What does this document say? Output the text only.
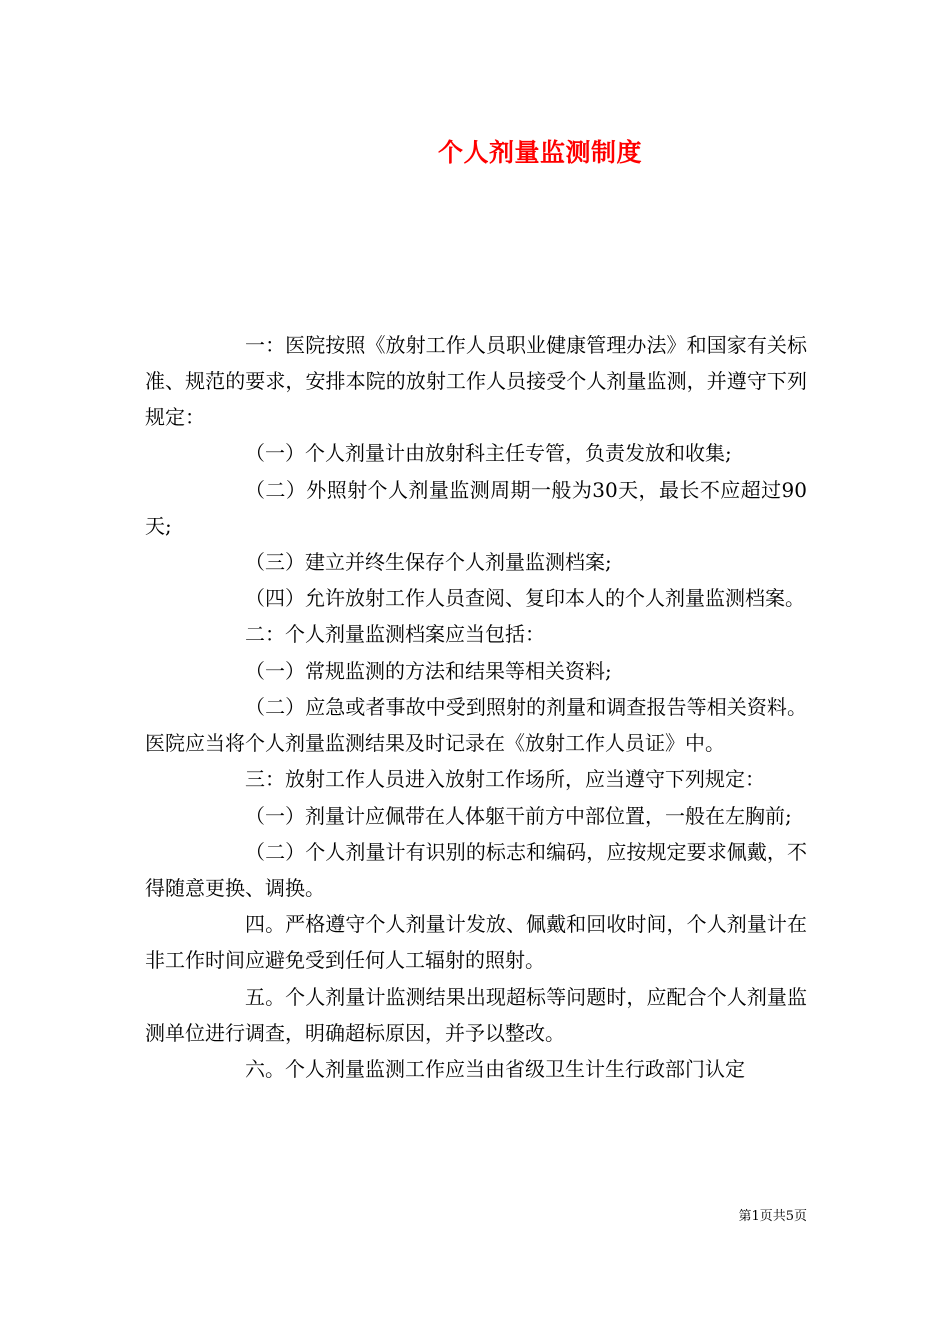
个人剂量监测制度

一：医院按照《放射工作人员职业健康管理办法》和国家有关标准、规范的要求，安排本院的放射工作人员接受个人剂量监测，并遵守下列规定：

（一）个人剂量计由放射科主任专管，负责发放和收集;

（二）外照射个人剂量监测周期一般为30天，最长不应超过90天;

（三）建立并终生保存个人剂量监测档案;

（四）允许放射工作人员查阅、复印本人的个人剂量监测档案。

二：个人剂量监测档案应当包括：

（一）常规监测的方法和结果等相关资料;

（二）应急或者事故中受到照射的剂量和调查报告等相关资料。医院应当将个人剂量监测结果及时记录在《放射工作人员证》中。

三：放射工作人员进入放射工作场所，应当遵守下列规定：

（一）剂量计应佩带在人体躯干前方中部位置，一般在左胸前;

（二）个人剂量计有识别的标志和编码，应按规定要求佩戴，不得随意更换、调换。

四。严格遵守个人剂量计发放、佩戴和回收时间，个人剂量计在非工作时间应避免受到任何人工辐射的照射。

五。个人剂量计监测结果出现超标等问题时，应配合个人剂量监测单位进行调查，明确超标原因，并予以整改。

六。个人剂量监测工作应当由省级卫生计生行政部门认定

第1页共5页
